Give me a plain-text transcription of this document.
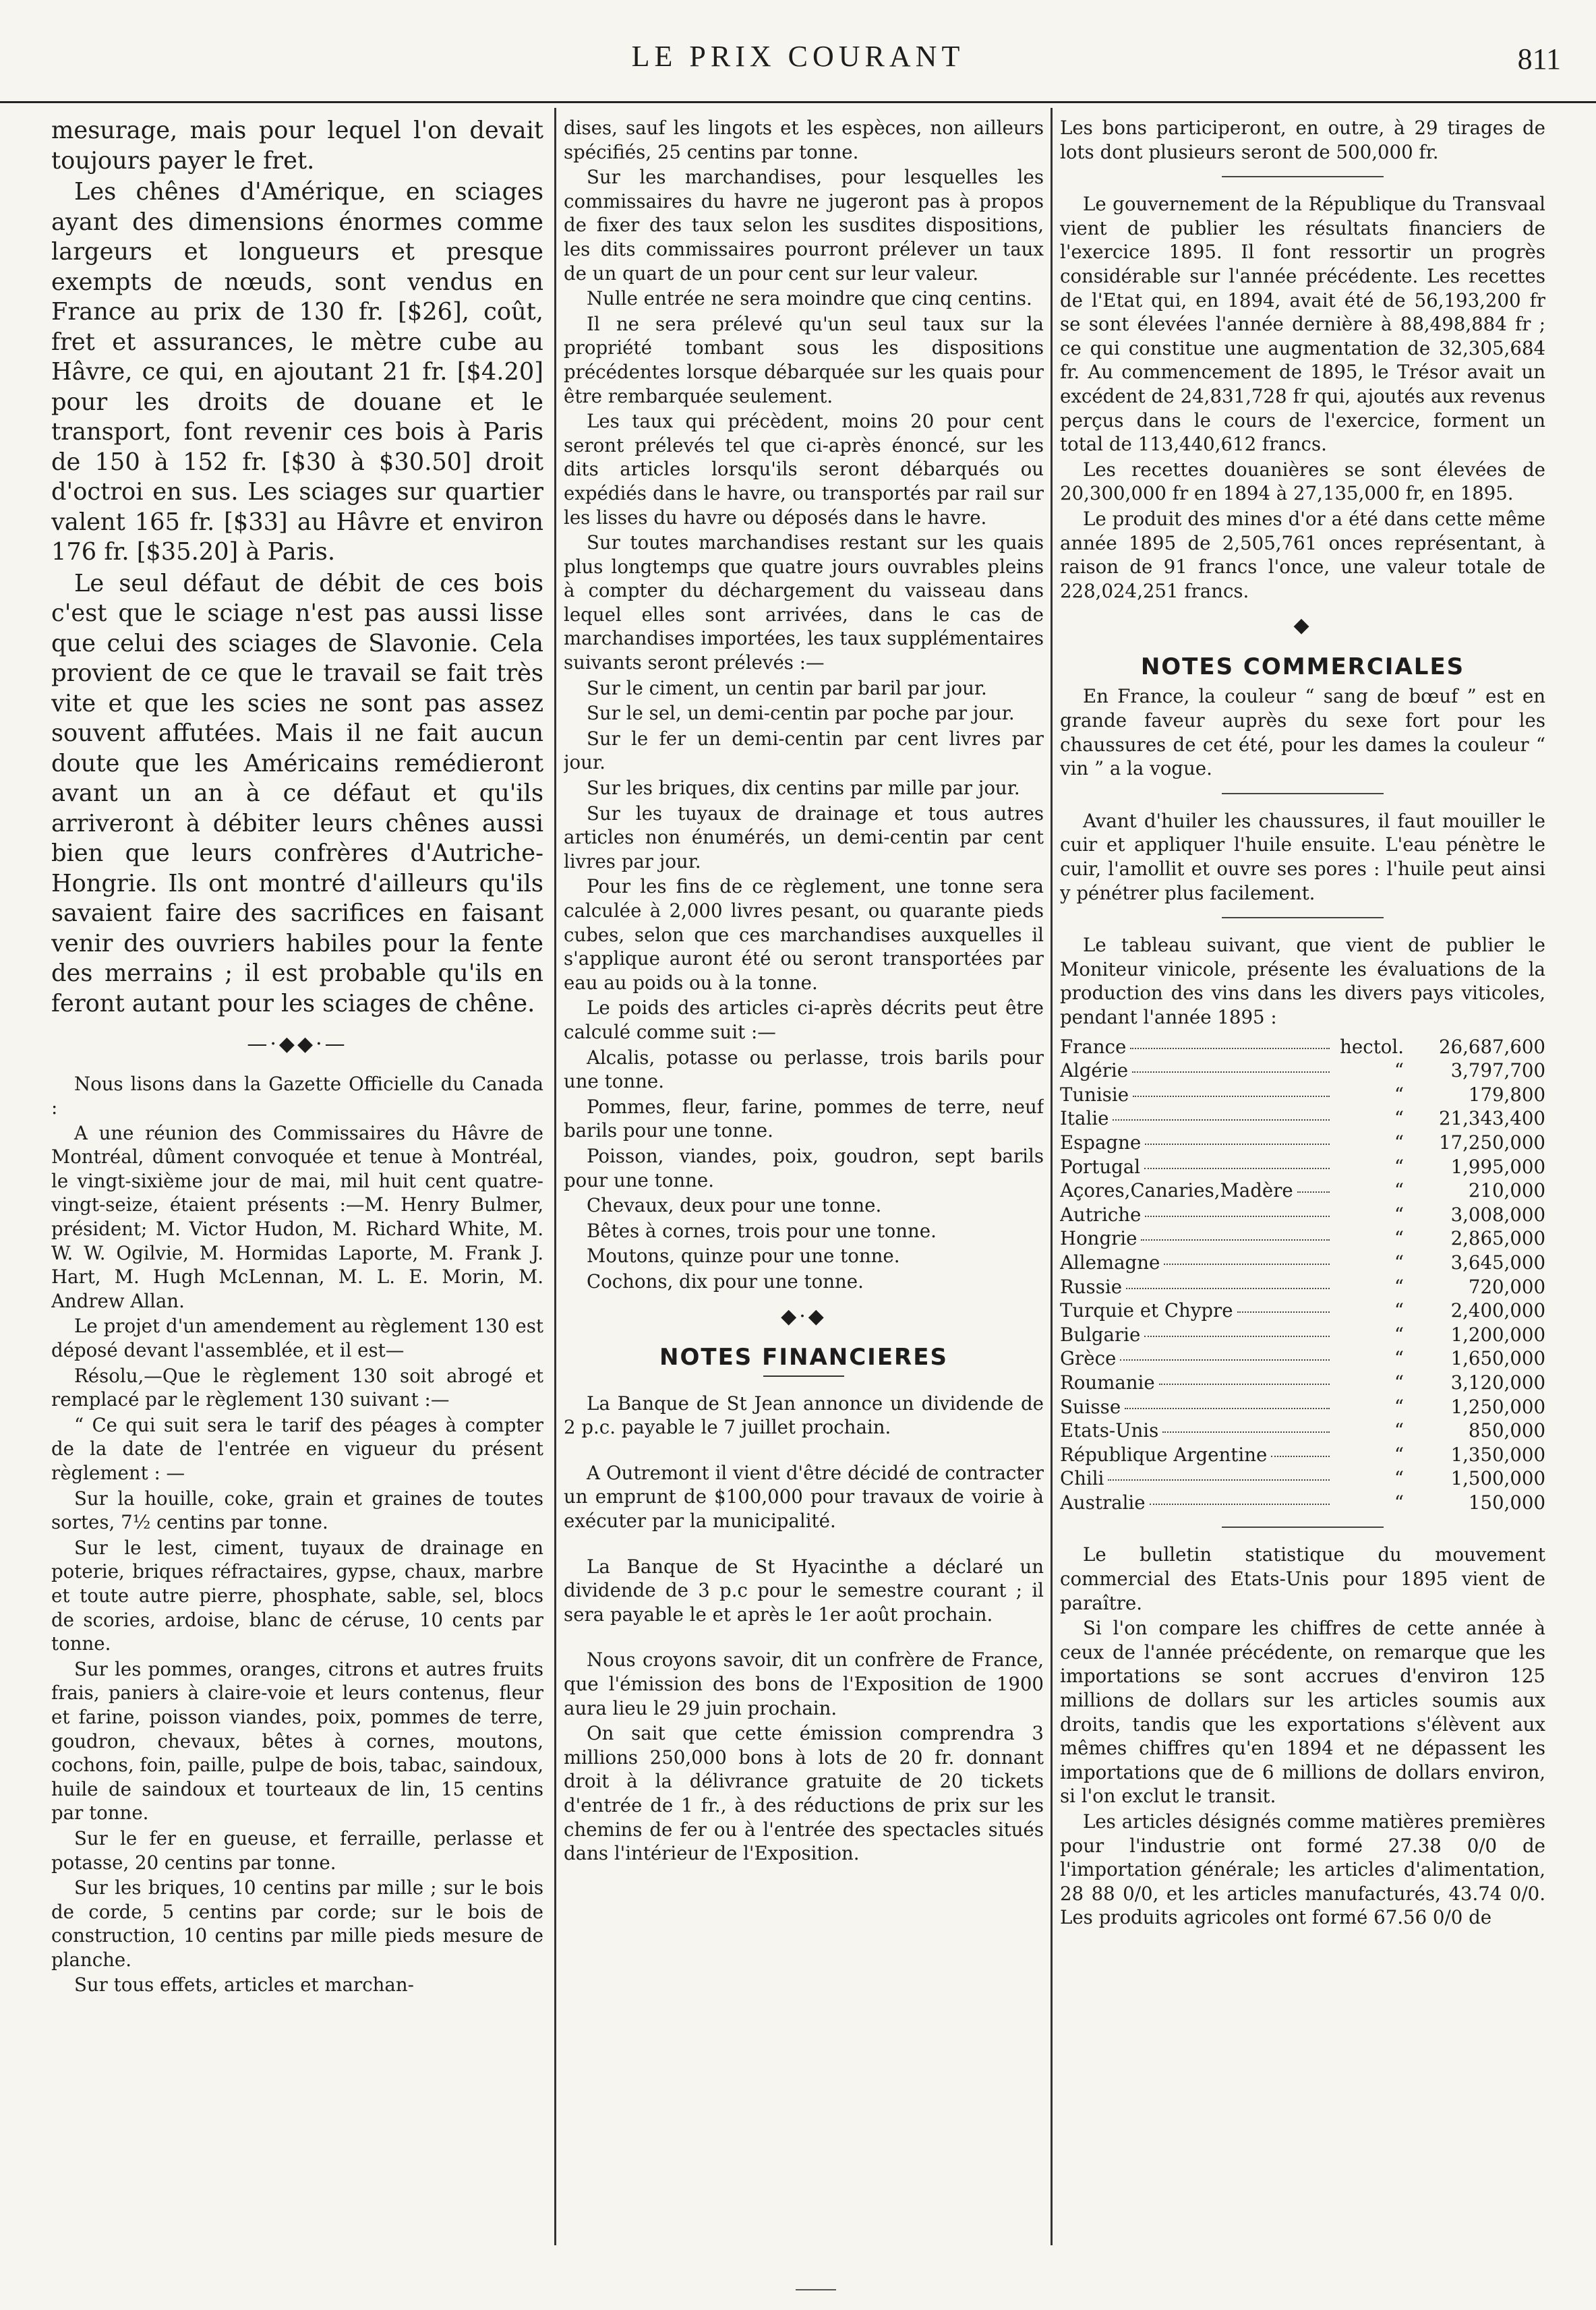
LE PRIX COURANT	811

mesurage, mais pour lequel l'on devait toujours payer le fret.

Les chênes d'Amérique, en sciages ayant des dimensions énormes comme largeurs et longueurs et presque exempts de nœuds, sont vendus en France au prix de 130 fr. [$26], coût, fret et assurances, le mètre cube au Hâvre, ce qui, en ajoutant 21 fr. [$4.20] pour les droits de douane et le transport, font revenir ces bois à Paris de 150 à 152 fr. [$30 à $30.50] droit d'octroi en sus. Les sciages sur quartier valent 165 fr. [$33] au Hâvre et environ 176 fr. [$35.20] à Paris.

Le seul défaut de débit de ces bois c'est que le sciage n'est pas aussi lisse que celui des sciages de Slavonie. Cela provient de ce que le travail se fait très vite et que les scies ne sont pas assez souvent affutées. Mais il ne fait aucun doute que les Américains remédieront avant un an à ce défaut et qu'ils arriveront à débiter leurs chênes aussi bien que leurs confrères d'Autriche-Hongrie. Ils ont montré d'ailleurs qu'ils savaient faire des sacrifices en faisant venir des ouvriers habiles pour la fente des merrains ; il est probable qu'ils en feront autant pour les sciages de chêne.

—·◆◆·—

Nous lisons dans la Gazette Officielle du Canada :

A une réunion des Commissaires du Hâvre de Montréal, dûment convoquée et tenue à Montréal, le vingt-sixième jour de mai, mil huit cent quatre-vingt-seize, étaient présents :—M. Henry Bulmer, président; M. Victor Hudon, M. Richard White, M. W. W. Ogilvie, M. Hormidas Laporte, M. Frank J. Hart, M. Hugh McLennan, M. L. E. Morin, M. Andrew Allan.

Le projet d'un amendement au règlement 130 est déposé devant l'assemblée, et il est—

Résolu,—Que le règlement 130 soit abrogé et remplacé par le règlement 130 suivant :—

“ Ce qui suit sera le tarif des péages à compter de la date de l'entrée en vigueur du présent règlement : —

Sur la houille, coke, grain et graines de toutes sortes, 7½ centins par tonne.

Sur le lest, ciment, tuyaux de drainage en poterie, briques réfractaires, gypse, chaux, marbre et toute autre pierre, phosphate, sable, sel, blocs de scories, ardoise, blanc de céruse, 10 cents par tonne.

Sur les pommes, oranges, citrons et autres fruits frais, paniers à claire-voie et leurs contenus, fleur et farine, poisson viandes, poix, pommes de terre, goudron, chevaux, bêtes à cornes, moutons, cochons, foin, paille, pulpe de bois, tabac, saindoux, huile de saindoux et tourteaux de lin, 15 centins par tonne.

Sur le fer en gueuse, et ferraille, perlasse et potasse, 20 centins par tonne.

Sur les briques, 10 centins par mille ; sur le bois de corde, 5 centins par corde; sur le bois de construction, 10 centins par mille pieds mesure de planche.

Sur tous effets, articles et marchan-

dises, sauf les lingots et les espèces, non ailleurs spécifiés, 25 centins par tonne.

Sur les marchandises, pour lesquelles les commissaires du havre ne jugeront pas à propos de fixer des taux selon les susdites dispositions, les dits commissaires pourront prélever un taux de un quart de un pour cent sur leur valeur.

Nulle entrée ne sera moindre que cinq centins.

Il ne sera prélevé qu'un seul taux sur la propriété tombant sous les dispositions précédentes lorsque débarquée sur les quais pour être rembarquée seulement.

Les taux qui précèdent, moins 20 pour cent seront prélevés tel que ci-après énoncé, sur les dits articles lorsqu'ils seront débarqués ou expédiés dans le havre, ou transportés par rail sur les lisses du havre ou déposés dans le havre.

Sur toutes marchandises restant sur les quais plus longtemps que quatre jours ouvrables pleins à compter du déchargement du vaisseau dans lequel elles sont arrivées, dans le cas de marchandises importées, les taux supplémentaires suivants seront prélevés :—

Sur le ciment, un centin par baril par jour.

Sur le sel, un demi-centin par poche par jour.

Sur le fer un demi-centin par cent livres par jour.

Sur les briques, dix centins par mille par jour.

Sur les tuyaux de drainage et tous autres articles non énumérés, un demi-centin par cent livres par jour.

Pour les fins de ce règlement, une tonne sera calculée à 2,000 livres pesant, ou quarante pieds cubes, selon que ces marchandises auxquelles il s'applique auront été ou seront transportées par eau au poids ou à la tonne.

Le poids des articles ci-après décrits peut être calculé comme suit :—

Alcalis, potasse ou perlasse, trois barils pour une tonne.

Pommes, fleur, farine, pommes de terre, neuf barils pour une tonne.

Poisson, viandes, poix, goudron, sept barils pour une tonne.

Chevaux, deux pour une tonne.

Bêtes à cornes, trois pour une tonne.

Moutons, quinze pour une tonne.

Cochons, dix pour une tonne.

◆·◆
NOTES FINANCIERES

La Banque de St Jean annonce un dividende de 2 p.c. payable le 7 juillet prochain.

A Outremont il vient d'être décidé de contracter un emprunt de $100,000 pour travaux de voirie à exécuter par la municipalité.

La Banque de St Hyacinthe a déclaré un dividende de 3 p.c pour le semestre courant ; il sera payable le et après le 1er août prochain.

Nous croyons savoir, dit un confrère de France, que l'émission des bons de l'Exposition de 1900 aura lieu le 29 juin prochain.

On sait que cette émission comprendra 3 millions 250,000 bons à lots de 20 fr. donnant droit à la délivrance gratuite de 20 tickets d'entrée de 1 fr., à des réductions de prix sur les chemins de fer ou à l'entrée des spectacles situés dans l'intérieur de l'Exposition.

Les bons participeront, en outre, à 29 tirages de lots dont plusieurs seront de 500,000 fr.

Le gouvernement de la République du Transvaal vient de publier les résultats financiers de l'exercice 1895. Il font ressortir un progrès considérable sur l'année précédente. Les recettes de l'Etat qui, en 1894, avait été de 56,193,200 fr se sont élevées l'année dernière à 88,498,884 fr ; ce qui constitue une augmentation de 32,305,684 fr. Au commencement de 1895, le Trésor avait un excédent de 24,831,728 fr qui, ajoutés aux revenus perçus dans le cours de l'exercice, forment un total de 113,440,612 francs.

Les recettes douanières se sont élevées de 20,300,000 fr en 1894 à 27,135,000 fr, en 1895.

Le produit des mines d'or a été dans cette même année 1895 de 2,505,761 onces représentant, à raison de 91 francs l'once, une valeur totale de 228,024,251 francs.

◆
NOTES COMMERCIALES

En France, la couleur “ sang de bœuf ” est en grande faveur auprès du sexe fort pour les chaussures de cet été, pour les dames la couleur “ vin ” a la vogue.

Avant d'huiler les chaussures, il faut mouiller le cuir et appliquer l'huile ensuite. L'eau pénètre le cuir, l'amollit et ouvre ses pores : l'huile peut ainsi y pénétrer plus facilement.

Le tableau suivant, que vient de publier le Moniteur vinicole, présente les évaluations de la production des vins dans les divers pays viticoles, pendant l'année 1895 :

France	hectol.	26,687,600
Algérie	“	3,797,700
Tunisie	“	179,800
Italie	“	21,343,400
Espagne	“	17,250,000
Portugal	“	1,995,000
Açores,Canaries,Madère	“	210,000
Autriche	“	3,008,000
Hongrie	“	2,865,000
Allemagne	“	3,645,000
Russie	“	720,000
Turquie et Chypre	“	2,400,000
Bulgarie	“	1,200,000
Grèce	“	1,650,000
Roumanie	“	3,120,000
Suisse	“	1,250,000
Etats-Unis	“	850,000
République Argentine	“	1,350,000
Chili	“	1,500,000
Australie	“	150,000

Le bulletin statistique du mouvement commercial des Etats-Unis pour 1895 vient de paraître.

Si l'on compare les chiffres de cette année à ceux de l'année précédente, on remarque que les importations se sont accrues d'environ 125 millions de dollars sur les articles soumis aux droits, tandis que les exportations s'élèvent aux mêmes chiffres qu'en 1894 et ne dépassent les importations que de 6 millions de dollars environ, si l'on exclut le transit.

Les articles désignés comme matières premières pour l'industrie ont formé 27.38 0/0 de l'importation générale; les articles d'alimentation, 28 88 0/0, et les articles manufacturés, 43.74 0/0. Les produits agricoles ont formé 67.56 0/0 de
